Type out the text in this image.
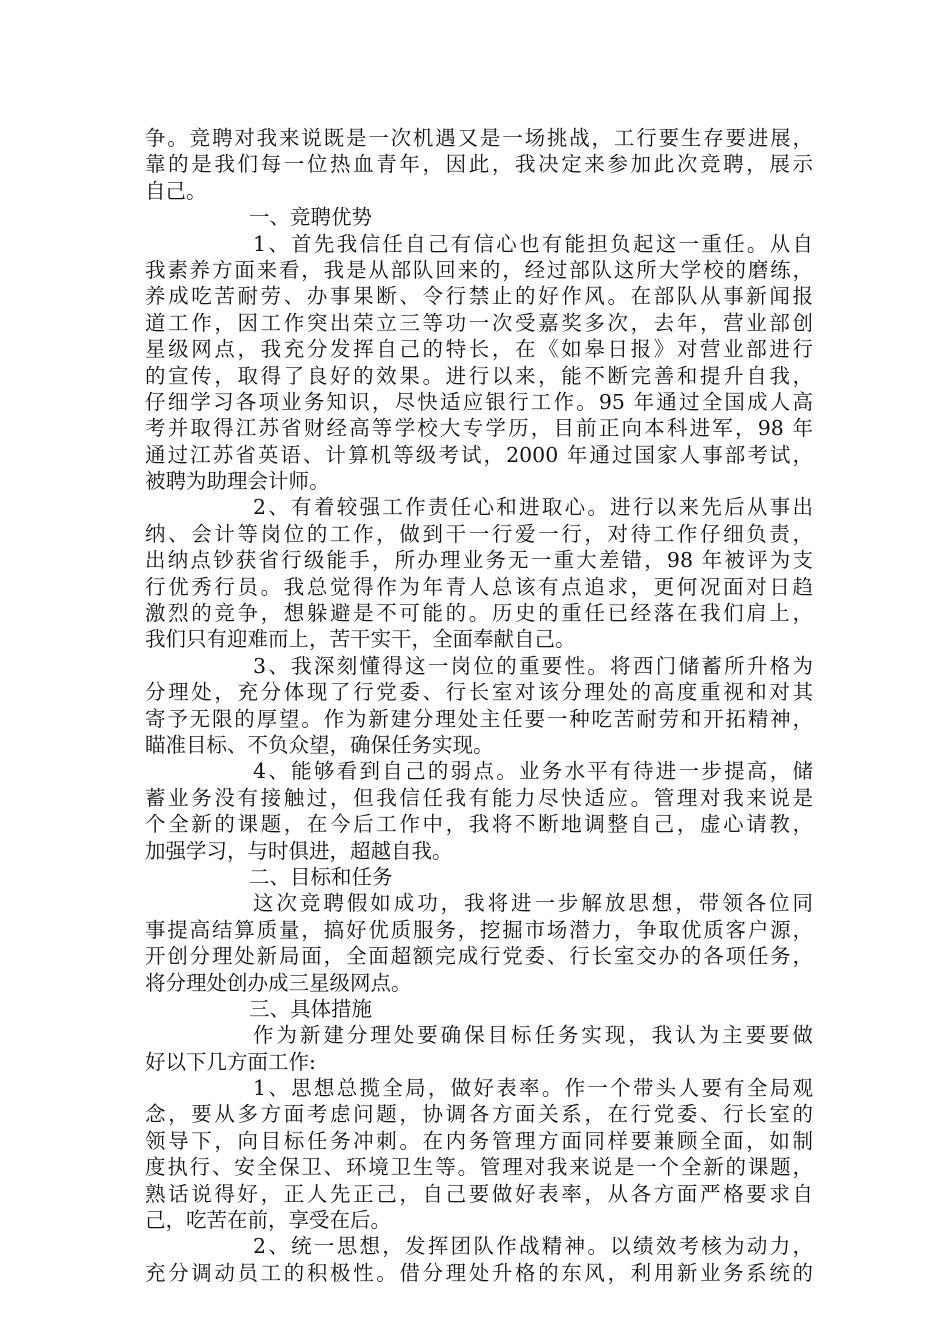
争。竞聘对我来说既是一次机遇又是一场挑战，工行要生存要进展，
靠的是我们每一位热血青年，因此，我决定来参加此次竞聘，展示
自己。
一、竞聘优势
1、首先我信任自己有信心也有能担负起这一重任。从自
我素养方面来看，我是从部队回来的，经过部队这所大学校的磨练，
养成吃苦耐劳、办事果断、令行禁止的好作风。在部队从事新闻报
道工作，因工作突出荣立三等功一次受嘉奖多次，去年，营业部创
星级网点，我充分发挥自己的特长，在《如皋日报》对营业部进行
的宣传，取得了良好的效果。进行以来，能不断完善和提升自我，
仔细学习各项业务知识，尽快适应银行工作。95 年通过全国成人高
考并取得江苏省财经高等学校大专学历，目前正向本科进军，98 年
通过江苏省英语、计算机等级考试，2000 年通过国家人事部考试，
被聘为助理会计师。
2、有着较强工作责任心和进取心。进行以来先后从事出
纳、会计等岗位的工作，做到干一行爱一行，对待工作仔细负责，
出纳点钞获省行级能手，所办理业务无一重大差错，98 年被评为支
行优秀行员。我总觉得作为年青人总该有点追求，更何况面对日趋
激烈的竞争，想躲避是不可能的。历史的重任已经落在我们肩上，
我们只有迎难而上，苦干实干，全面奉献自己。
3、我深刻懂得这一岗位的重要性。将西门储蓄所升格为
分理处，充分体现了行党委、行长室对该分理处的高度重视和对其
寄予无限的厚望。作为新建分理处主任要一种吃苦耐劳和开拓精神，
瞄准目标、不负众望，确保任务实现。
4、能够看到自己的弱点。业务水平有待进一步提高，储
蓄业务没有接触过，但我信任我有能力尽快适应。管理对我来说是
个全新的课题，在今后工作中，我将不断地调整自己，虚心请教，
加强学习，与时俱进，超越自我。
二、目标和任务
这次竞聘假如成功，我将进一步解放思想，带领各位同
事提高结算质量，搞好优质服务，挖掘市场潜力，争取优质客户源，
开创分理处新局面，全面超额完成行党委、行长室交办的各项任务，
将分理处创办成三星级网点。
三、具体措施
作为新建分理处要确保目标任务实现，我认为主要要做
好以下几方面工作:
1、思想总揽全局，做好表率。作一个带头人要有全局观
念，要从多方面考虑问题，协调各方面关系，在行党委、行长室的
领导下，向目标任务冲刺。在内务管理方面同样要兼顾全面，如制
度执行、安全保卫、环境卫生等。管理对我来说是一个全新的课题，
熟话说得好，正人先正己，自己要做好表率，从各方面严格要求自
己，吃苦在前，享受在后。
2、统一思想，发挥团队作战精神。以绩效考核为动力，
充分调动员工的积极性。借分理处升格的东风，利用新业务系统的
